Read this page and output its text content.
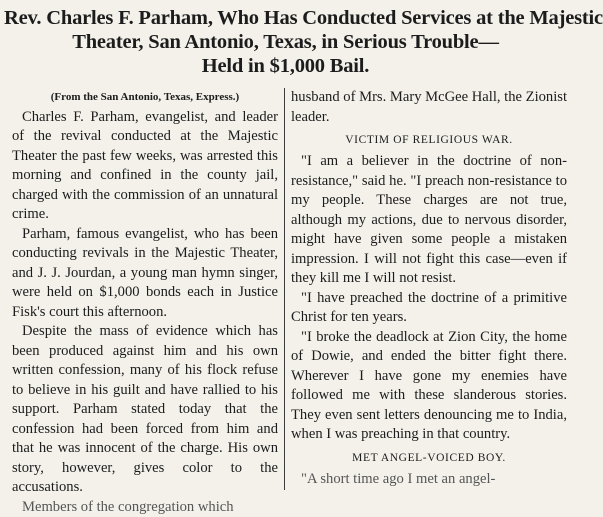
Rev. Charles F. Parham, Who Has Conducted Services at the Majestic
Theater, San Antonio, Texas, in Serious Trouble—
Held in $1,000 Bail.
(From the San Antonio, Texas, Express.)

Charles F. Parham, evangelist, and leader of the revival conducted at the Majestic Theater the past few weeks, was arrested this morning and confined in the county jail, charged with the commission of an unnatural crime.

Parham, famous evangelist, who has been conducting revivals in the Majestic Theater, and J. J. Jourdan, a young man hymn singer, were held on $1,000 bonds each in Justice Fisk's court this afternoon.

Despite the mass of evidence which has been produced against him and his own written confession, many of his flock refuse to believe in his guilt and have rallied to his support. Parham stated today that the confession had been forced from him and that he was innocent of the charge. His own story, however, gives color to the accusations.

Members of the congregation which

husband of Mrs. Mary McGee Hall, the Zionist leader.

VICTIM OF RELIGIOUS WAR.

"I am a believer in the doctrine of non-resistance," said he. "I preach non-resistance to my people. These charges are not true, although my actions, due to nervous disorder, might have given some people a mistaken impression. I will not fight this case—even if they kill me I will not resist.

"I have preached the doctrine of a primitive Christ for ten years.

"I broke the deadlock at Zion City, the home of Dowie, and ended the bitter fight there. Wherever I have gone my enemies have followed me with these slanderous stories. They even sent letters denouncing me to India, when I was preaching in that country.

MET ANGEL-VOICED BOY.

"A short time ago I met an angel-
